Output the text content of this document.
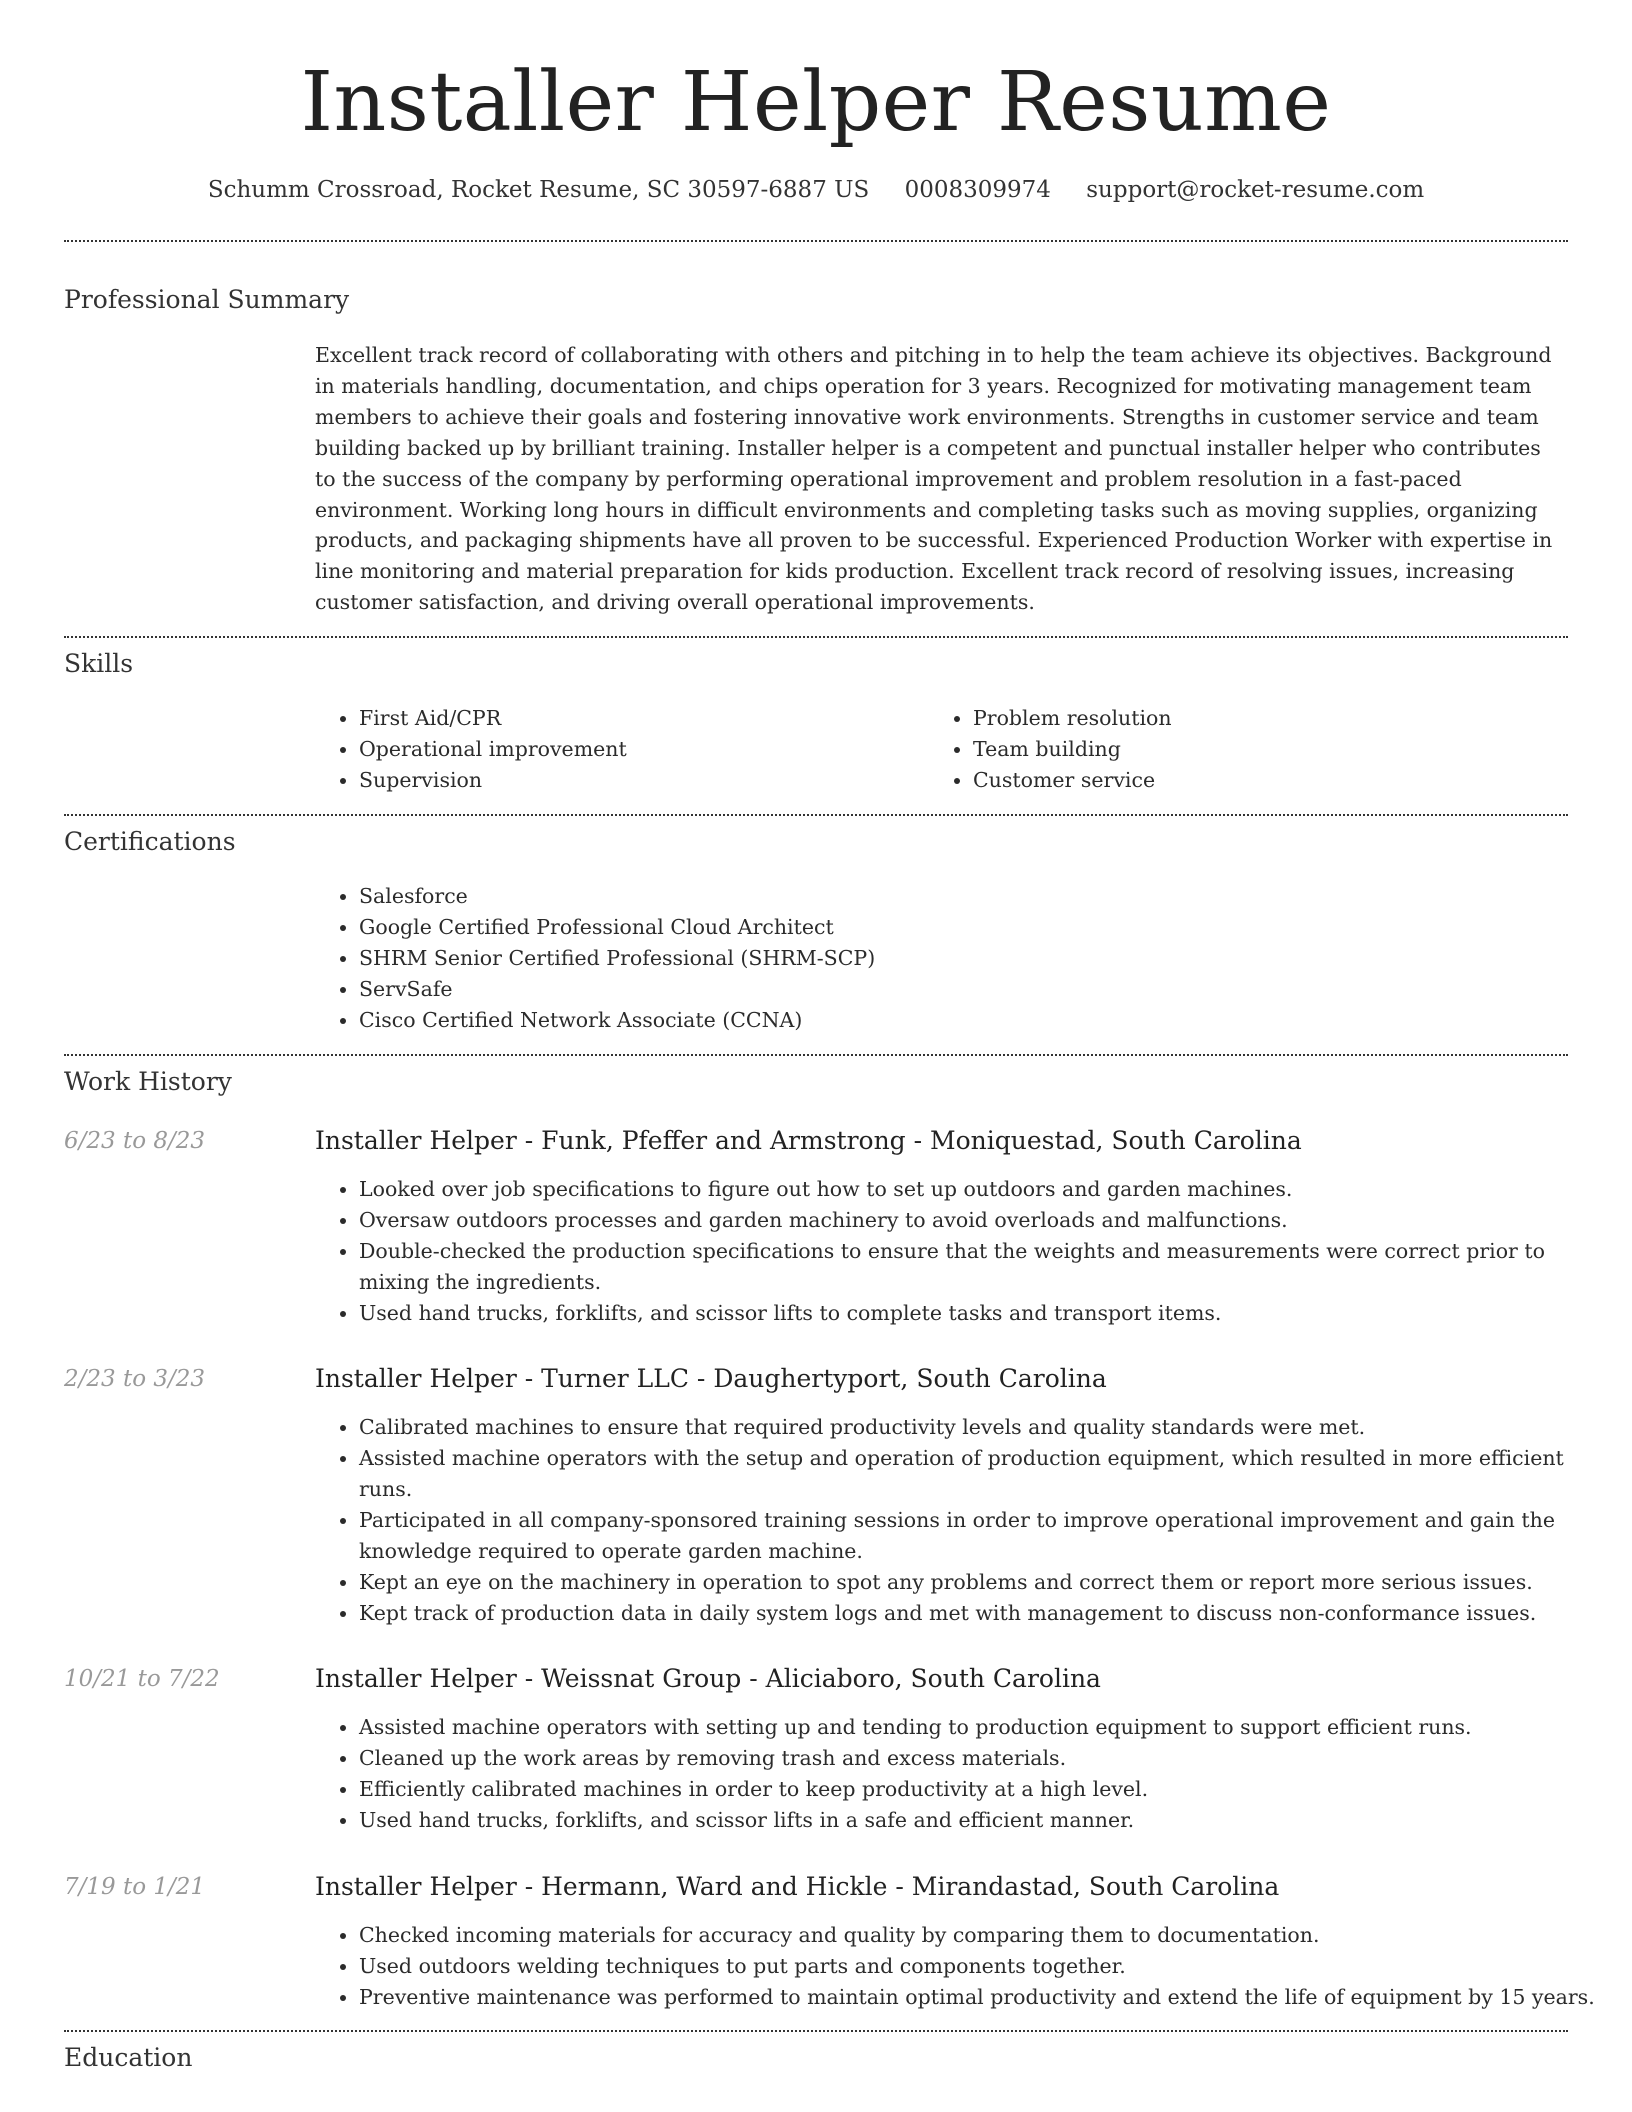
Installer Helper Resume
Schumm Crossroad, Rocket Resume, SC 30597-6887 US 0008309974 support@rocket-resume.com
Professional Summary

Excellent track record of collaborating with others and pitching in to help the team achieve its objectives. Background in materials handling, documentation, and chips operation for 3 years. Recognized for motivating management team members to achieve their goals and fostering innovative work environments. Strengths in customer service and team building backed up by brilliant training. Installer helper is a competent and punctual installer helper who contributes to the success of the company by performing operational improvement and problem resolution in a fast-paced environment. Working long hours in difficult environments and completing tasks such as moving supplies, organizing products, and packaging shipments have all proven to be successful. Experienced Production Worker with expertise in line monitoring and material preparation for kids production. Excellent track record of resolving issues, increasing customer satisfaction, and driving overall operational improvements.

Skills
• First Aid/CPR
• Operational improvement
• Supervision
• Problem resolution
• Team building
• Customer service
Certifications
• Salesforce
• Google Certified Professional Cloud Architect
• SHRM Senior Certified Professional (SHRM-SCP)
• ServSafe
• Cisco Certified Network Associate (CCNA)
Work History
6/23 to 8/23	Installer Helper - Funk, Pfeffer and Armstrong - Moniquestad, South Carolina
• Looked over job specifications to figure out how to set up outdoors and garden machines.
• Oversaw outdoors processes and garden machinery to avoid overloads and malfunctions.
• Double-checked the production specifications to ensure that the weights and measurements were correct prior to mixing the ingredients.
• Used hand trucks, forklifts, and scissor lifts to complete tasks and transport items.
2/23 to 3/23	Installer Helper - Turner LLC - Daughertyport, South Carolina
• Calibrated machines to ensure that required productivity levels and quality standards were met.
• Assisted machine operators with the setup and operation of production equipment, which resulted in more efficient runs.
• Participated in all company-sponsored training sessions in order to improve operational improvement and gain the knowledge required to operate garden machine.
• Kept an eye on the machinery in operation to spot any problems and correct them or report more serious issues.
• Kept track of production data in daily system logs and met with management to discuss non-conformance issues.
10/21 to 7/22	Installer Helper - Weissnat Group - Aliciaboro, South Carolina
• Assisted machine operators with setting up and tending to production equipment to support efficient runs.
• Cleaned up the work areas by removing trash and excess materials.
• Efficiently calibrated machines in order to keep productivity at a high level.
• Used hand trucks, forklifts, and scissor lifts in a safe and efficient manner.
7/19 to 1/21	Installer Helper - Hermann, Ward and Hickle - Mirandastad, South Carolina
• Checked incoming materials for accuracy and quality by comparing them to documentation.
• Used outdoors welding techniques to put parts and components together.
• Preventive maintenance was performed to maintain optimal productivity and extend the life of equipment by 15 years.
Education
